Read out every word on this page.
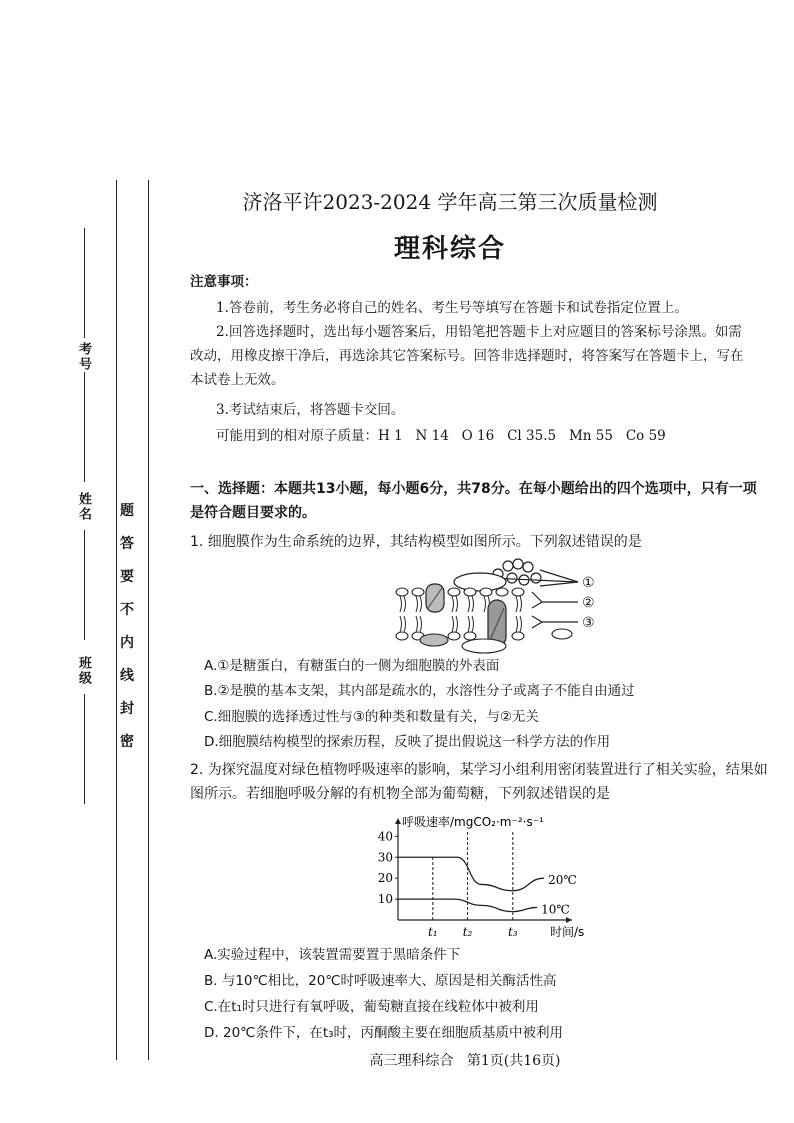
考号
姓名
班级
题
答
要
不
内
线
封
密
济洛平许2023-2024 学年高三第三次质量检测
理科综合
注意事项：
1.答卷前，考生务必将自己的姓名、考生号等填写在答题卡和试卷指定位置上。
2.回答选择题时，选出每小题答案后，用铅笔把答题卡上对应题目的答案标号涂黑。如需改动，用橡皮擦干净后，再选涂其它答案标号。回答非选择题时，将答案写在答题卡上，写在本试卷上无效。
3.考试结束后，将答题卡交回。
可能用到的相对原子质量：H 1   N 14   O 16   Cl 35.5   Mn 55   Co 59
一、选择题：本题共13小题，每小题6分，共78分。在每小题给出的四个选项中，只有一项是符合题目要求的。
1. 细胞膜作为生命系统的边界，其结构模型如图所示。下列叙述错误的是
①
②
③
A.①是糖蛋白，有糖蛋白的一侧为细胞膜的外表面
B.②是膜的基本支架，其内部是疏水的，水溶性分子或离子不能自由通过
C.细胞膜的选择透过性与③的种类和数量有关，与②无关
D.细胞膜结构模型的探索历程，反映了提出假说这一科学方法的作用
2. 为探究温度对绿色植物呼吸速率的影响，某学习小组利用密闭装置进行了相关实验，结果如图所示。若细胞呼吸分解的有机物全部为葡萄糖，下列叙述错误的是
10
20
30
40
t₁ t₂	t₃
20℃
10℃
呼吸速率/mgCO₂·m⁻²·s⁻¹
时间/s
A.实验过程中，该装置需要置于黑暗条件下
B. 与10℃相比，20℃时呼吸速率大、原因是相关酶活性高
C.在t₁时只进行有氧呼吸，葡萄糖直接在线粒体中被利用
D. 20℃条件下，在t₃时，丙酮酸主要在细胞质基质中被利用
高三理科综合   第1页(共16页)
